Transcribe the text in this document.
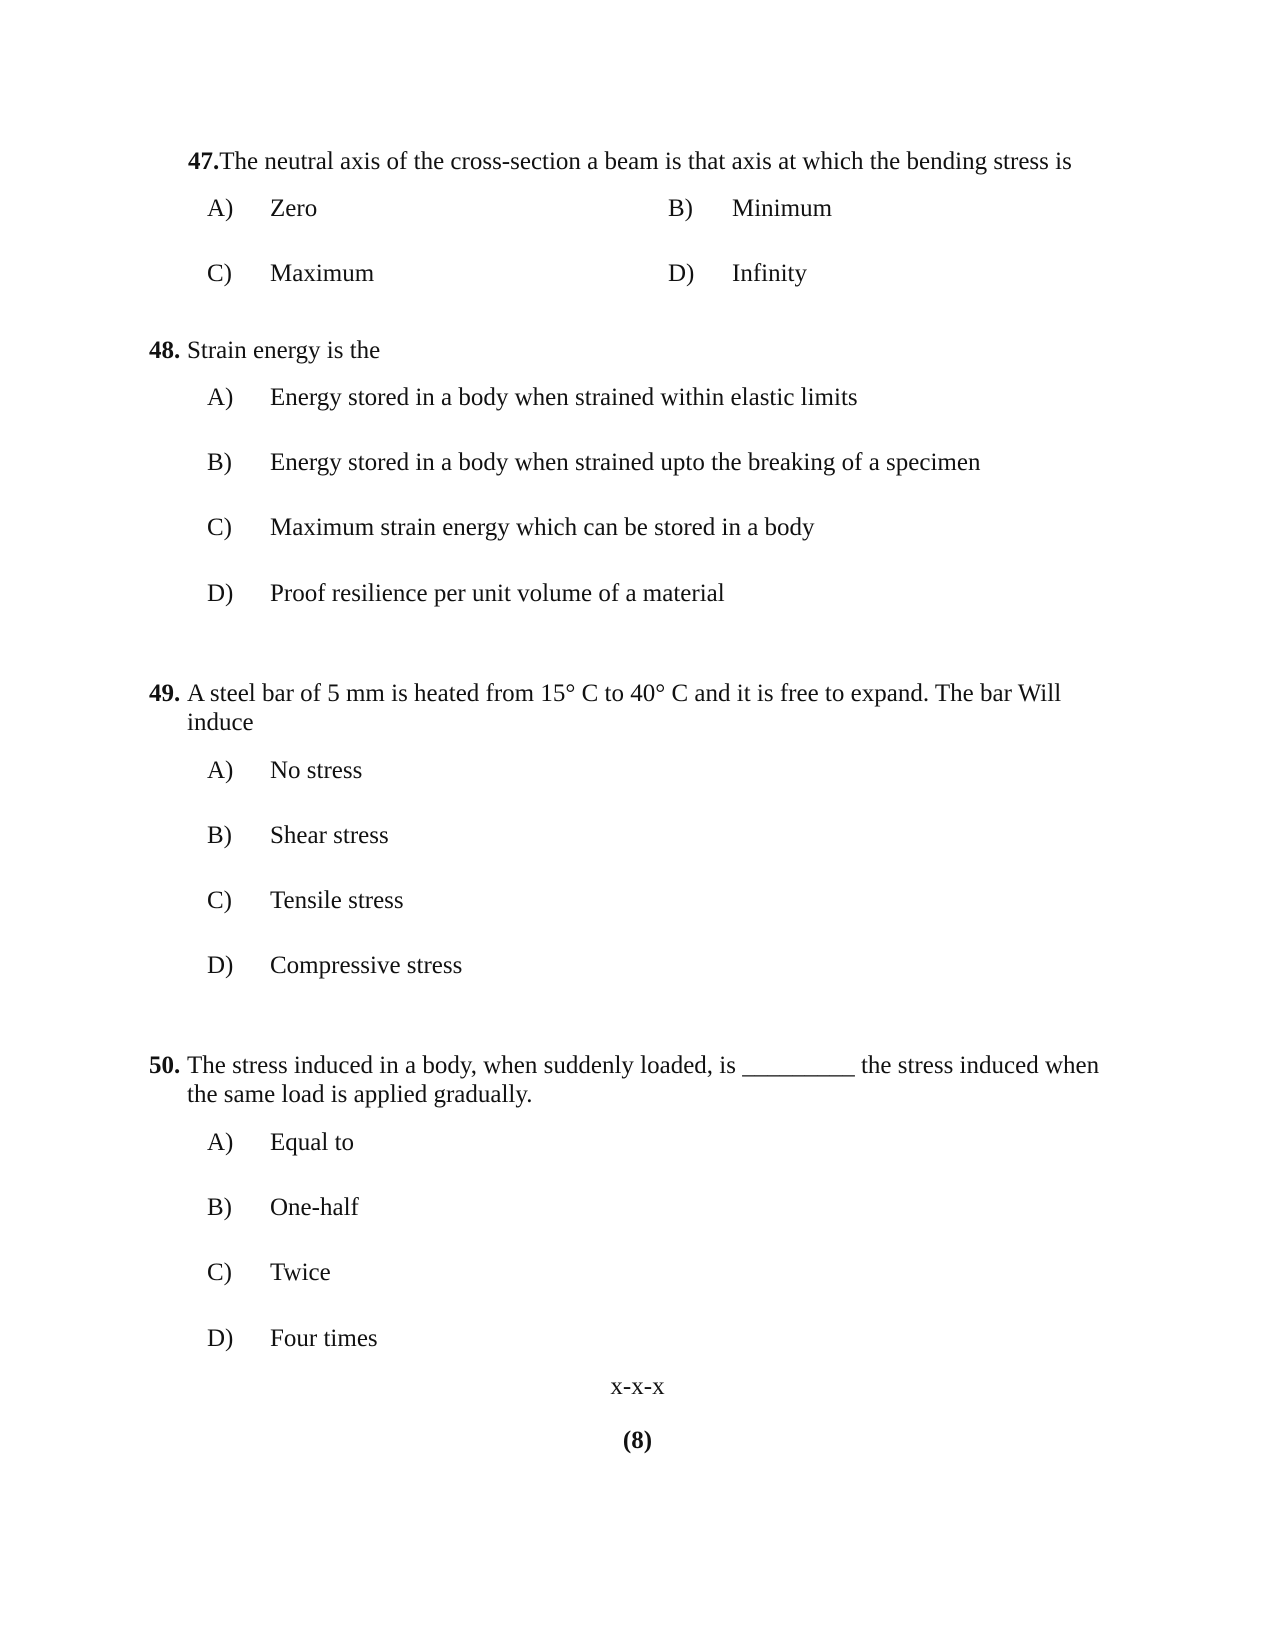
47.The neutral axis of the cross-section a beam is that axis at which the bending stress is
A) Zero	B) Minimum
C) Maximum	D) Infinity
48. Strain energy is the
A) Energy stored in a body when strained within elastic limits
B) Energy stored in a body when strained upto the breaking of a specimen
C) Maximum strain energy which can be stored in a body
D) Proof resilience per unit volume of a material
49. A steel bar of 5 mm is heated from 15° C to 40° C and it is free to expand. The bar Will
induce
A) No stress
B) Shear stress
C) Tensile stress
D) Compressive stress
50. The stress induced in a body, when suddenly loaded, is _________ the stress induced when
the same load is applied gradually.
A) Equal to
B) One-half
C) Twice
D) Four times
x-x-x
(8)
